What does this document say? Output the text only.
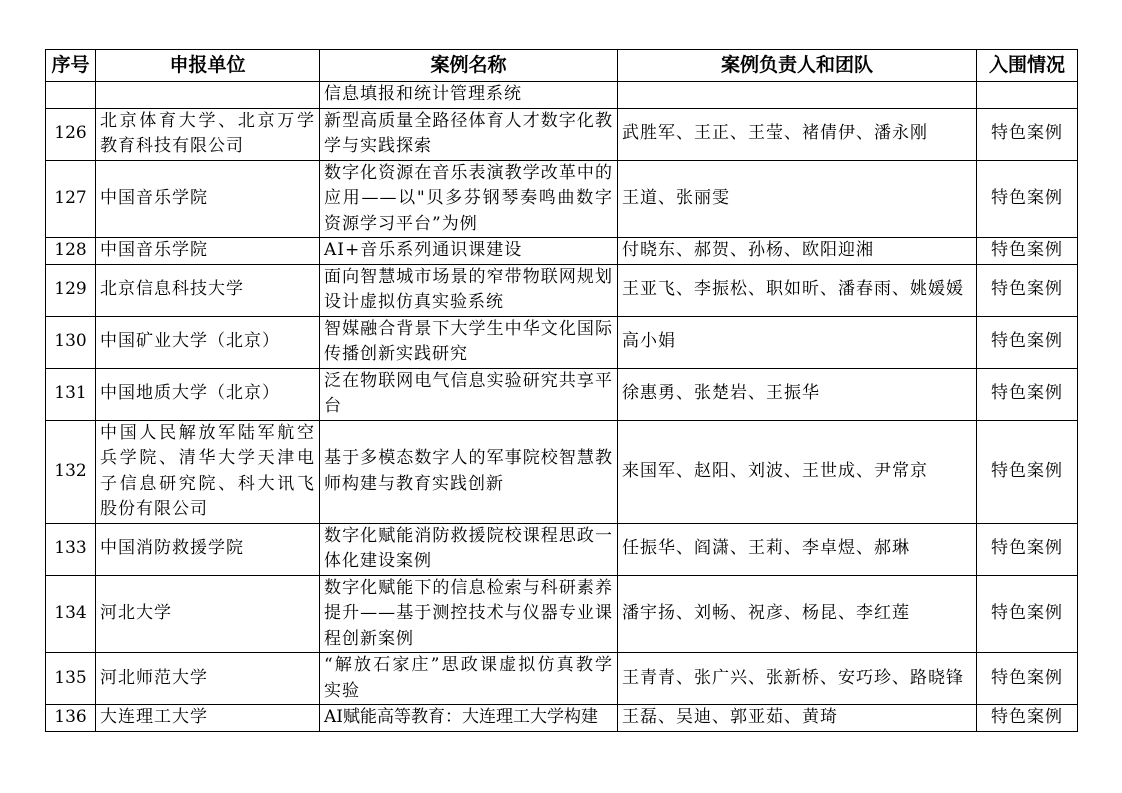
序号	申报单位	案例名称	案例负责人和团队	入围情况
		信息填报和统计管理系统		
126	北京体育大学、北京万学教育科技有限公司	新型高质量全路径体育人才数字化教学与实践探索	武胜军、王正、王莹、褚倩伊、潘永刚	特色案例
127	中国音乐学院	数字化资源在音乐表演教学改革中的应用——以"贝多芬钢琴奏鸣曲数字资源学习平台”为例	王道、张丽雯	特色案例
128	中国音乐学院	AI+音乐系列通识课建设	付晓东、郝贺、孙杨、欧阳迎湘	特色案例
129	北京信息科技大学	面向智慧城市场景的窄带物联网规划设计虚拟仿真实验系统	王亚飞、李振松、职如昕、潘春雨、姚媛媛	特色案例
130	中国矿业大学（北京）	智媒融合背景下大学生中华文化国际传播创新实践研究	高小娟	特色案例
131	中国地质大学（北京）	泛在物联网电气信息实验研究共享平台	徐惠勇、张楚岩、王振华	特色案例
132	中国人民解放军陆军航空兵学院、清华大学天津电子信息研究院、科大讯飞股份有限公司	基于多模态数字人的军事院校智慧教师构建与教育实践创新	来国军、赵阳、刘波、王世成、尹常京	特色案例
133	中国消防救援学院	数字化赋能消防救援院校课程思政一体化建设案例	任振华、阎潇、王莉、李卓煜、郝琳	特色案例
134	河北大学	数字化赋能下的信息检索与科研素养提升——基于测控技术与仪器专业课程创新案例	潘宇扬、刘畅、祝彦、杨昆、李红莲	特色案例
135	河北师范大学	“解放石家庄”思政课虚拟仿真教学实验	王青青、张广兴、张新桥、安巧珍、路晓锋	特色案例
136	大连理工大学	AI赋能高等教育：大连理工大学构建	王磊、吴迪、郭亚茹、黄琦	特色案例
